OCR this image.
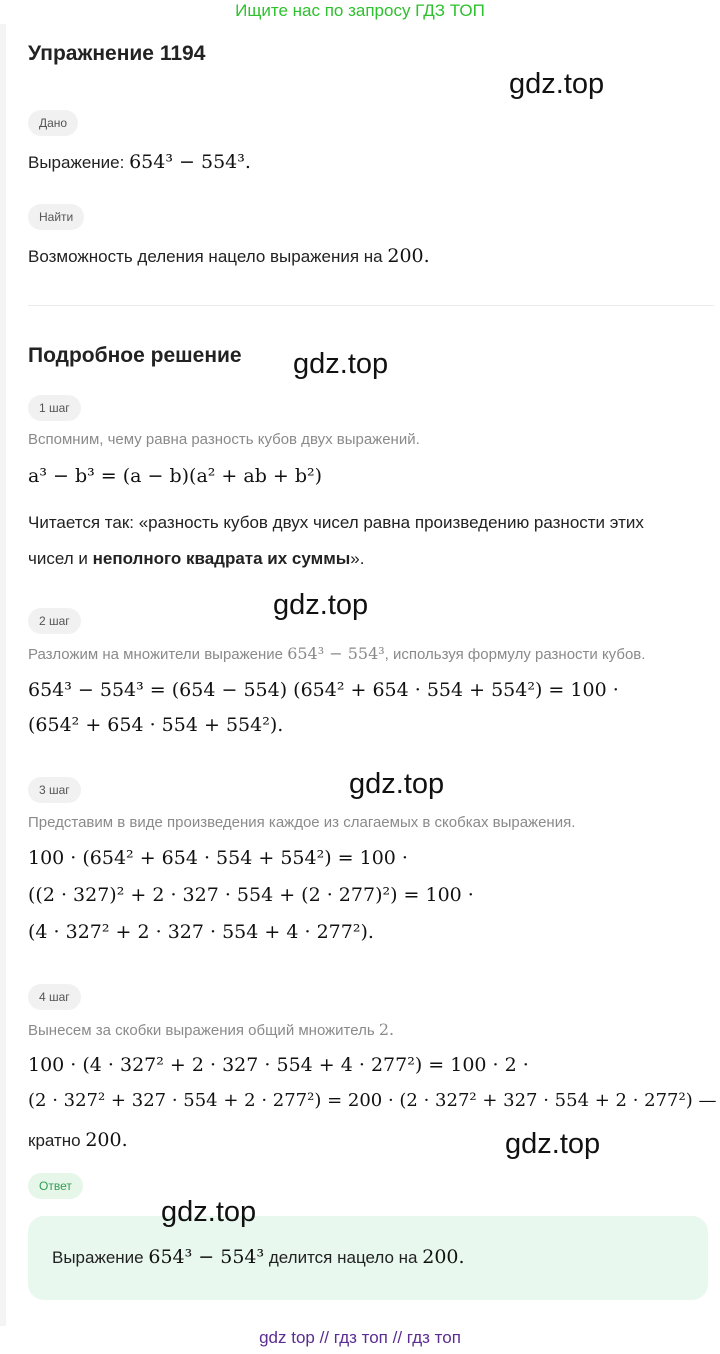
Ищите нас по запросу ГДЗ ТОП
Упражнение 1194
Дано
Выражение: 654³ − 554³.
Найти
Возможность деления нацело выражения на 200.
Подробное решение
1 шаг
Вспомним, чему равна разность кубов двух выражений.
a³ − b³ = (a − b)(a² + ab + b²)
Читается так: «разность кубов двух чисел равна произведению разности этих
чисел и неполного квадрата их суммы».
2 шаг
Разложим на множители выражение 654³ − 554³, используя формулу разности кубов.
654³ − 554³ = (654 − 554) (654² + 654 · 554 + 554²) = 100 ·
(654² + 654 · 554 + 554²).
3 шаг
Представим в виде произведения каждое из слагаемых в скобках выражения.
100 · (654² + 654 · 554 + 554²) = 100 ·
((2 · 327)² + 2 · 327 · 554 + (2 · 277)²) = 100 ·
(4 · 327² + 2 · 327 · 554 + 4 · 277²).
4 шаг
Вынесем за скобки выражения общий множитель 2.
100 · (4 · 327² + 2 · 327 · 554 + 4 · 277²) = 100 · 2 ·
(2 · 327² + 327 · 554 + 2 · 277²) = 200 · (2 · 327² + 327 · 554 + 2 · 277²) —
кратно 200.
Ответ
Выражение 654³ − 554³ делится нацело на 200.
gdz.top
gdz.top
gdz.top
gdz.top
gdz.top
gdz.top
gdz top // гдз топ // гдз топ
